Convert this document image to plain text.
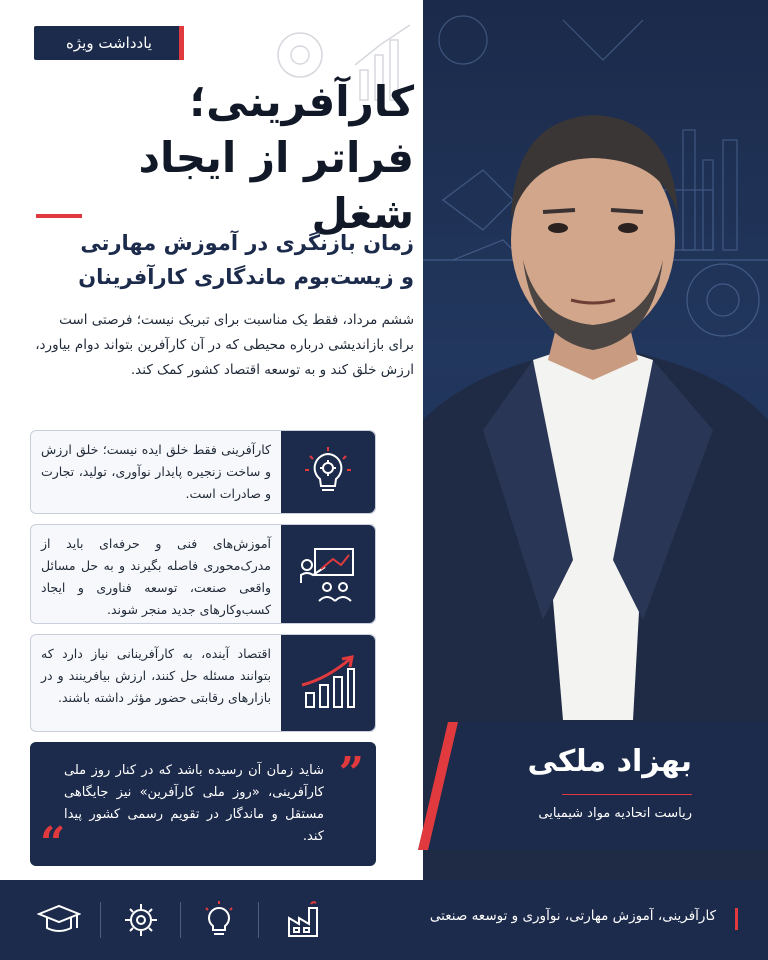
یادداشت ویژه
کارآفرینی؛
فراتر از ایجاد شغل
زمان بازنگری در آموزش مهارتی
و زیست‌بوم ماندگاری کارآفرینان

ششم مرداد، فقط یک مناسبت برای تبریک نیست؛ فرصتی است برای بازاندیشی درباره محیطی که در آن کارآفرین بتواند دوام بیاورد، ارزش خلق کند و به توسعه اقتصاد کشور کمک کند.

کارآفرینی فقط خلق ایده نیست؛ خلق ارزش و ساخت زنجیره پایدار نوآوری، تولید، تجارت و صادرات است.

آموزش‌های فنی و حرفه‌ای باید از مدرک‌محوری فاصله بگیرند و به حل مسائل واقعی صنعت، توسعه فناوری و ایجاد کسب‌وکارهای جدید منجر شوند.

اقتصاد آینده، به کارآفرینانی نیاز دارد که بتوانند مسئله حل کنند، ارزش بیافرینند و در بازارهای رقابتی حضور مؤثر داشته باشند.

”

شاید زمان آن رسیده باشد که در کنار روز ملی کارآفرینی، «روز ملی کارآفرین» نیز جایگاهی مستقل و ماندگار در تقویم رسمی کشور پیدا کند.

“
بهزاد ملکی
ریاست اتحادیه مواد شیمیایی
کارآفرینی، آموزش مهارتی، نوآوری و توسعه صنعتی
